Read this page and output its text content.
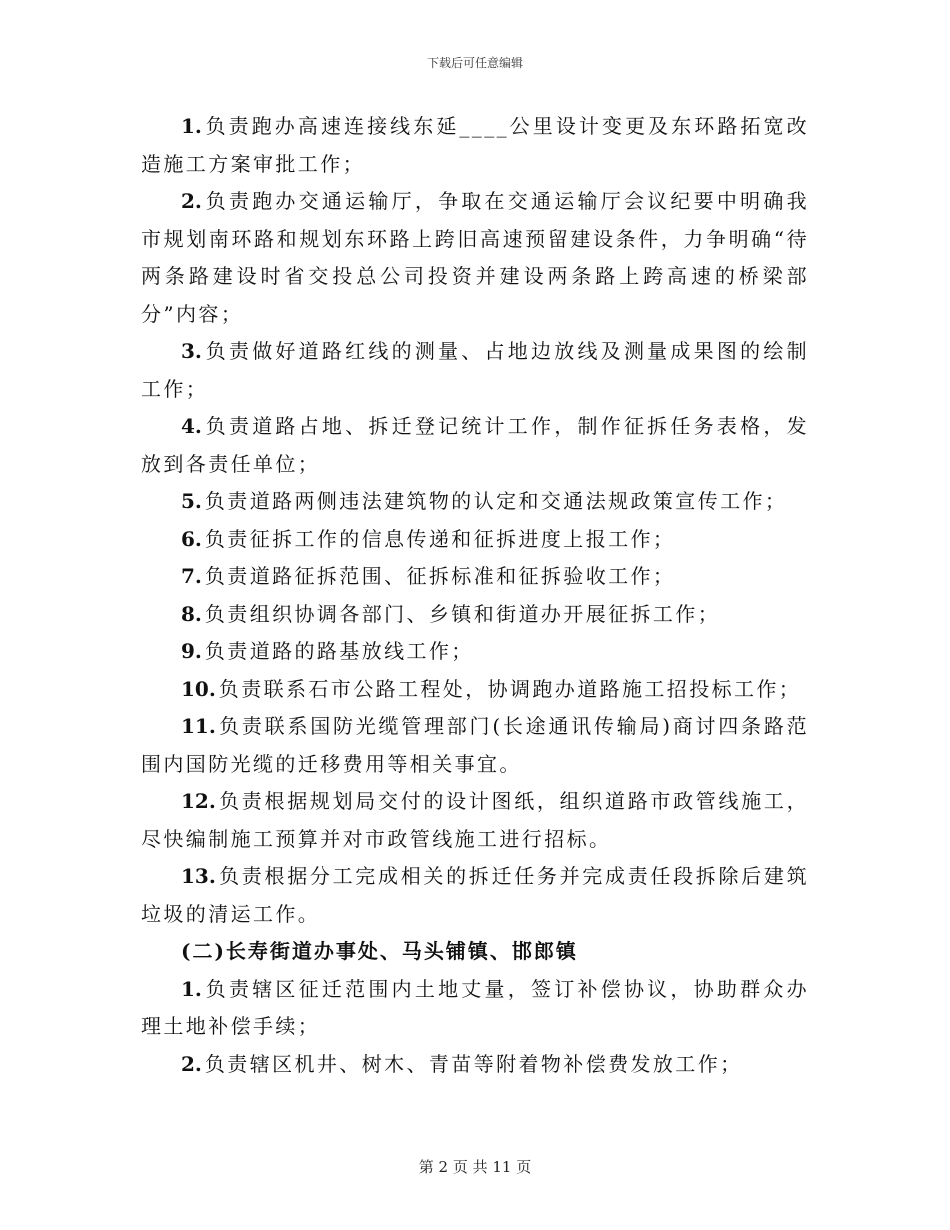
下载后可任意编辑

1. 负责跑办高速连接线东延____公里设计变更及东环路拓宽改造施工方案审批工作；

2. 负责跑办交通运输厅，争取在交通运输厅会议纪要中明确我市规划南环路和规划东环路上跨旧高速预留建设条件，力争明确“待两条路建设时省交投总公司投资并建设两条路上跨高速的桥梁部分”内容；

3. 负责做好道路红线的测量、占地边放线及测量成果图的绘制工作；

4. 负责道路占地、拆迁登记统计工作，制作征拆任务表格，发放到各责任单位；

5. 负责道路两侧违法建筑物的认定和交通法规政策宣传工作；

6. 负责征拆工作的信息传递和征拆进度上报工作；

7. 负责道路征拆范围、征拆标准和征拆验收工作；

8. 负责组织协调各部门、乡镇和街道办开展征拆工作；

9. 负责道路的路基放线工作；

10. 负责联系石市公路工程处，协调跑办道路施工招投标工作；

11. 负责联系国防光缆管理部门(长途通讯传输局)商讨四条路范围内国防光缆的迁移费用等相关事宜。

12. 负责根据规划局交付的设计图纸，组织道路市政管线施工，尽快编制施工预算并对市政管线施工进行招标。

13. 负责根据分工完成相关的拆迁任务并完成责任段拆除后建筑垃圾的清运工作。

(二)长寿街道办事处、马头铺镇、邯郎镇

1. 负责辖区征迁范围内土地丈量，签订补偿协议，协助群众办理土地补偿手续；

2. 负责辖区机井、树木、青苗等附着物补偿费发放工作；

第 2 页 共 11 页
